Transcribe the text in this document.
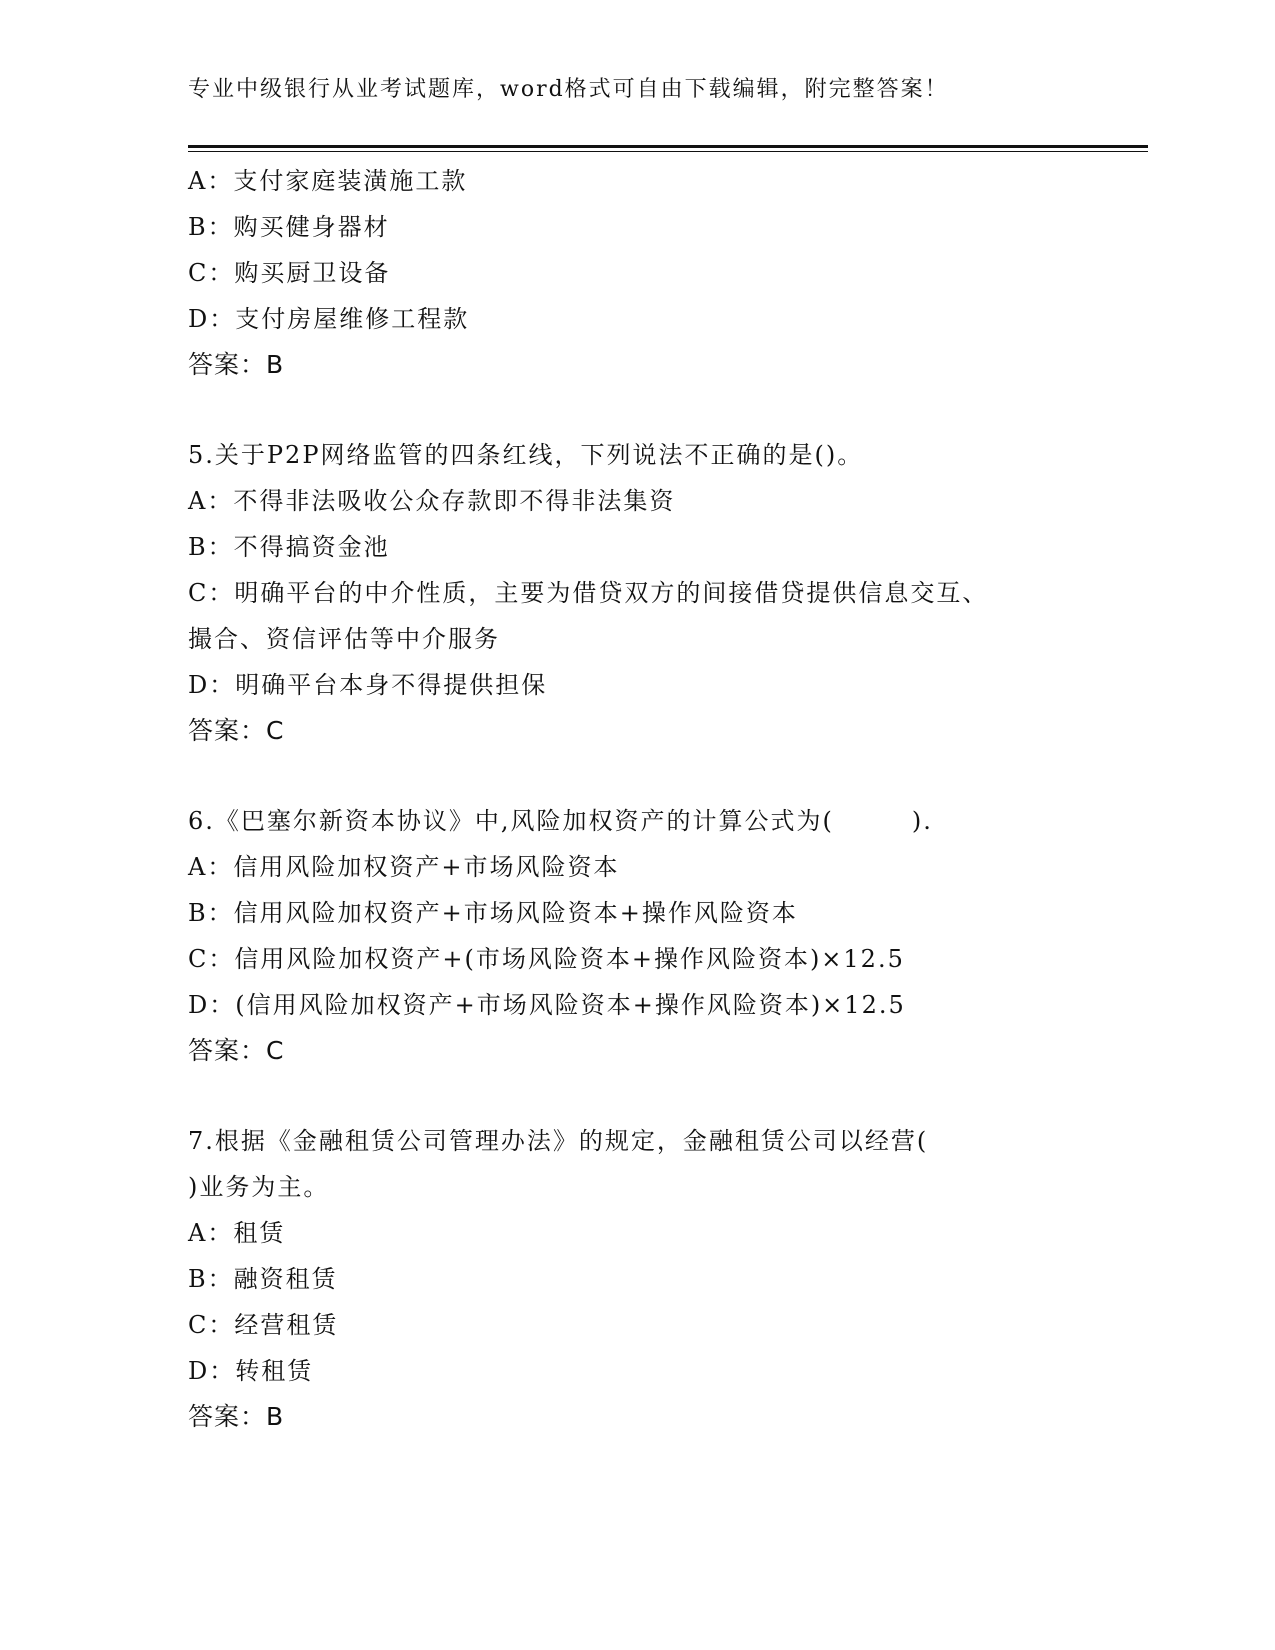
专业中级银行从业考试题库，word格式可自由下载编辑，附完整答案！
A：支付家庭装潢施工款
B：购买健身器材
C：购买厨卫设备
D：支付房屋维修工程款
答案：B
5.关于P2P网络监管的四条红线，下列说法不正确的是()。
A：不得非法吸收公众存款即不得非法集资
B：不得搞资金池
C：明确平台的中介性质，主要为借贷双方的间接借贷提供信息交互、
撮合、资信评估等中介服务
D：明确平台本身不得提供担保
答案：C
6.《巴塞尔新资本协议》中,风险加权资产的计算公式为(　　　).
A：信用风险加权资产+市场风险资本
B：信用风险加权资产+市场风险资本+操作风险资本
C：信用风险加权资产+(市场风险资本+操作风险资本)×12.5
D：(信用风险加权资产+市场风险资本+操作风险资本)×12.5
答案：C
7.根据《金融租赁公司管理办法》的规定，金融租赁公司以经营(
)业务为主。
A：租赁
B：融资租赁
C：经营租赁
D：转租赁
答案：B
